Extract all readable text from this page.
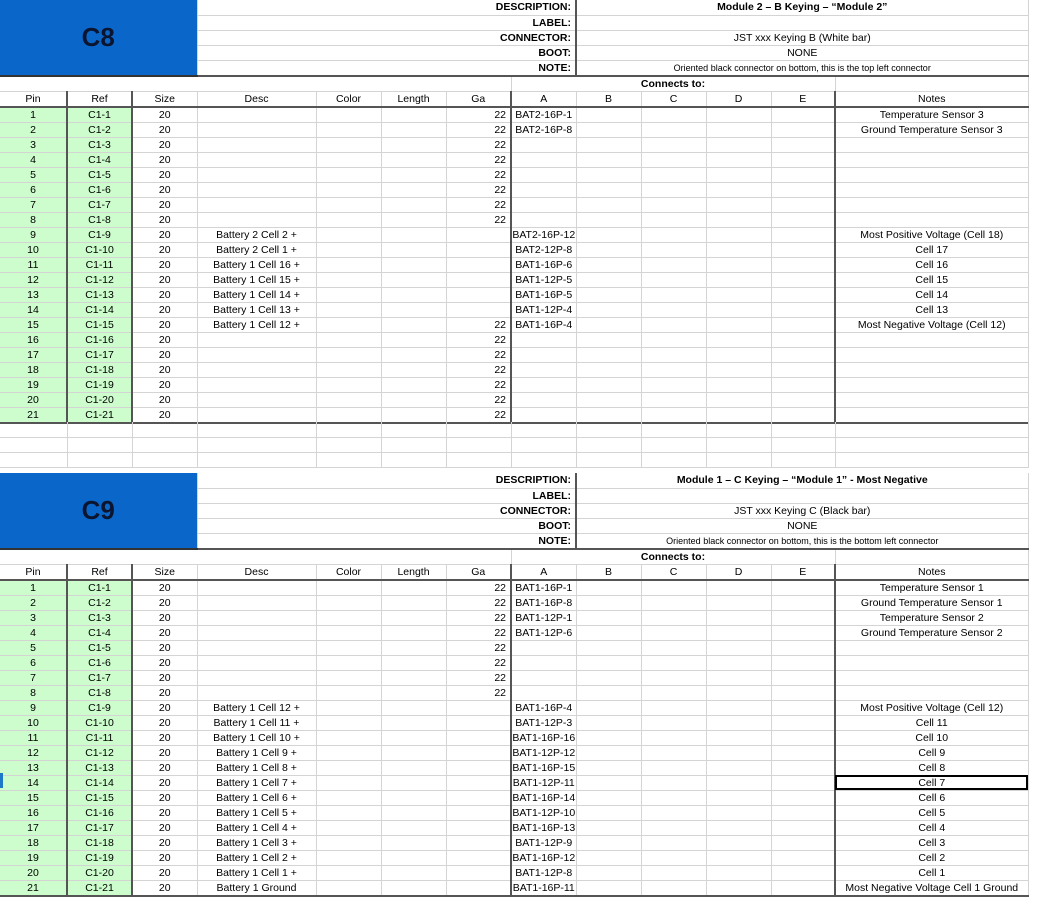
C8			DESCRIPTION:					Module 2 – B Keying – “Module 2”				
			LABEL:									
			CONNECTOR:					JST xxx Keying B (White bar)				
			BOOT:					NONE				
			NOTE:					Oriented black connector on bottom, this is the top left connector				
							Connects to:					
Pin	Ref	Size	Desc	Color	Length	Ga	A	B	C	D	E	Notes
1	C1-1	20				22	BAT2-16P-1					Temperature Sensor 3
2	C1-2	20				22	BAT2-16P-8					Ground Temperature Sensor 3
3	C1-3	20				22						
4	C1-4	20				22						
5	C1-5	20				22						
6	C1-6	20				22						
7	C1-7	20				22						
8	C1-8	20				22						
9	C1-9	20	Battery 2 Cell 2 +				BAT2-16P-12					Most Positive Voltage (Cell 18)
10	C1-10	20	Battery 2 Cell 1 +				BAT2-12P-8					Cell 17
11	C1-11	20	Battery 1 Cell 16 +				BAT1-16P-6					Cell 16
12	C1-12	20	Battery 1 Cell 15 +				BAT1-12P-5					Cell 15
13	C1-13	20	Battery 1 Cell 14 +				BAT1-16P-5					Cell 14
14	C1-14	20	Battery 1 Cell 13 +				BAT1-12P-4					Cell 13
15	C1-15	20	Battery 1 Cell 12 +			22	BAT1-16P-4					Most Negative Voltage (Cell 12)
16	C1-16	20				22						
17	C1-17	20				22						
18	C1-18	20				22						
19	C1-19	20				22						
20	C1-20	20				22						
21	C1-21	20				22						

C9			DESCRIPTION:					Module 1 – C Keying – “Module 1” - Most Negative				
			LABEL:									
			CONNECTOR:					JST xxx Keying C (Black bar)				
			BOOT:					NONE				
			NOTE:					Oriented black connector on bottom, this is the bottom left connector				
							Connects to:					
Pin	Ref	Size	Desc	Color	Length	Ga	A	B	C	D	E	Notes
1	C1-1	20				22	BAT1-16P-1					Temperature Sensor 1
2	C1-2	20				22	BAT1-16P-8					Ground Temperature Sensor 1
3	C1-3	20				22	BAT1-12P-1					Temperature Sensor 2
4	C1-4	20				22	BAT1-12P-6					Ground Temperature Sensor 2
5	C1-5	20				22						
6	C1-6	20				22						
7	C1-7	20				22						
8	C1-8	20				22						
9	C1-9	20	Battery 1 Cell 12 +				BAT1-16P-4					Most Positive Voltage (Cell 12)
10	C1-10	20	Battery 1 Cell 11 +				BAT1-12P-3					Cell 11
11	C1-11	20	Battery 1 Cell 10 +				BAT1-16P-16					Cell 10
12	C1-12	20	Battery 1 Cell 9 +				BAT1-12P-12					Cell 9
13	C1-13	20	Battery 1 Cell 8 +				BAT1-16P-15					Cell 8
14	C1-14	20	Battery 1 Cell 7 +				BAT1-12P-11					Cell 7
15	C1-15	20	Battery 1 Cell 6 +				BAT1-16P-14					Cell 6
16	C1-16	20	Battery 1 Cell 5 +				BAT1-12P-10					Cell 5
17	C1-17	20	Battery 1 Cell 4 +				BAT1-16P-13					Cell 4
18	C1-18	20	Battery 1 Cell 3 +				BAT1-12P-9					Cell 3
19	C1-19	20	Battery 1 Cell 2 +				BAT1-16P-12					Cell 2
20	C1-20	20	Battery 1 Cell 1 +				BAT1-12P-8					Cell 1
21	C1-21	20	Battery 1 Ground				BAT1-16P-11					Most Negative Voltage Cell 1 Ground
